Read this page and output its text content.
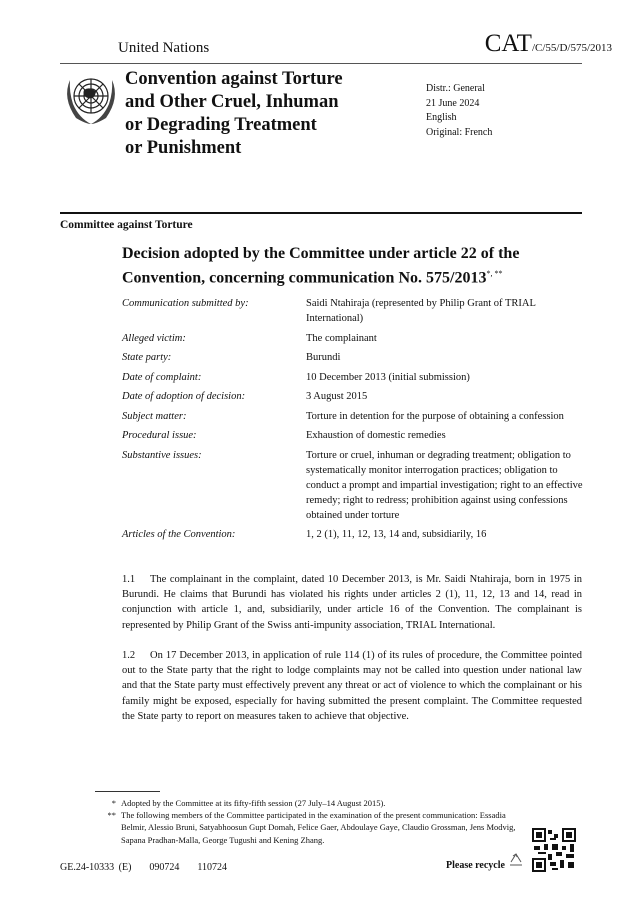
United Nations	CAT/C/55/D/575/2013
Convention against Torture
and Other Cruel, Inhuman
or Degrading Treatment
or Punishment
Distr.: General
21 June 2024
English
Original: French
Committee against Torture
Decision adopted by the Committee under article 22 of the Convention, concerning communication No. 575/2013*, **
Communication submitted by:	Saidi Ntahiraja (represented by Philip Grant of TRIAL International)
Alleged victim:	The complainant
State party:	Burundi
Date of complaint:	10 December 2013 (initial submission)
Date of adoption of decision:	3 August 2015
Subject matter:	Torture in detention for the purpose of obtaining a confession
Procedural issue:	Exhaustion of domestic remedies
Substantive issues:	Torture or cruel, inhuman or degrading treatment; obligation to systematically monitor interrogation practices; obligation to conduct a prompt and impartial investigation; right to an effective remedy; right to redress; prohibition against using confessions obtained under torture
Articles of the Convention:	1, 2 (1), 11, 12, 13, 14 and, subsidiarily, 16
1.1 The complainant in the complaint, dated 10 December 2013, is Mr. Saidi Ntahiraja, born in 1975 in Burundi. He claims that Burundi has violated his rights under articles 2 (1), 11, 12, 13 and 14, read in conjunction with article 1, and, subsidiarily, under article 16 of the Convention. The complainant is represented by Philip Grant of the Swiss anti-impunity association, TRIAL International.
1.2 On 17 December 2013, in application of rule 114 (1) of its rules of procedure, the Committee pointed out to the State party that the right to lodge complaints may not be called into question under national law and that the State party must effectively prevent any threat or act of violence to which the complainant or his family might be exposed, especially for having submitted the present complaint. The Committee requested the State party to report on measures taken to achieve that objective.
* Adopted by the Committee at its fifty-fifth session (27 July–14 August 2015).
** The following members of the Committee participated in the examination of the present communication: Essadia Belmir, Alessio Bruni, Satyabhoosun Gupt Domah, Felice Gaer, Abdoulaye Gaye, Claudio Grossman, Jens Modvig, Sapana Pradhan-Malla, George Tugushi and Kening Zhang.
GE.24-10333 (E)    090724    110724	Please recycle
